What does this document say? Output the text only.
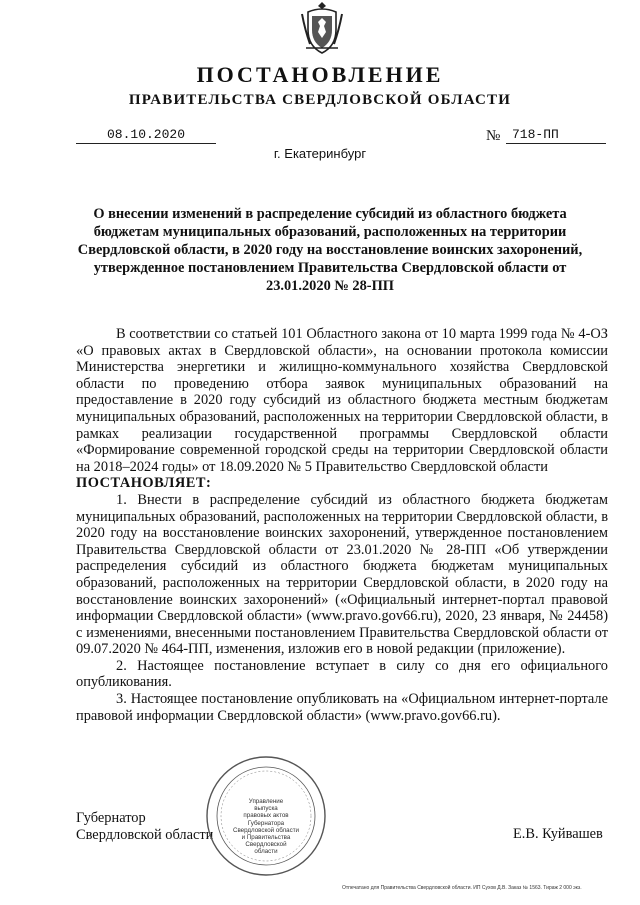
ПОСТАНОВЛЕНИЕ
ПРАВИТЕЛЬСТВА СВЕРДЛОВСКОЙ ОБЛАСТИ
08.10.2020	№ 718-ПП
г. Екатеринбург
О внесении изменений в распределение субсидий из областного бюджета бюджетам муниципальных образований, расположенных на территории Свердловской области, в 2020 году на восстановление воинских захоронений, утвержденное постановлением Правительства Свердловской области от 23.01.2020 № 28-ПП

В соответствии со статьей 101 Областного закона от 10 марта 1999 года № 4-ОЗ «О правовых актах в Свердловской области», на основании протокола комиссии Министерства энергетики и жилищно-коммунального хозяйства Свердловской области по проведению отбора заявок муниципальных образований на предоставление в 2020 году субсидий из областного бюджета местным бюджетам муниципальных образований, расположенных на территории Свердловской области, в рамках реализации государственной программы Свердловской области «Формирование современной городской среды на территории Свердловской области на 2018–2024 годы» от 18.09.2020 № 5 Правительство Свердловской области

ПОСТАНОВЛЯЕТ:

1. Внести в распределение субсидий из областного бюджета бюджетам муниципальных образований, расположенных на территории Свердловской области, в 2020 году на восстановление воинских захоронений, утвержденное постановлением Правительства Свердловской области от 23.01.2020 № 28-ПП «Об утверждении распределения субсидий из областного бюджета бюджетам муниципальных образований, расположенных на территории Свердловской области, в 2020 году на восстановление воинских захоронений» («Официальный интернет-портал правовой информации Свердловской области» (www.pravo.gov66.ru), 2020, 23 января, № 24458) с изменениями, внесенными постановлением Правительства Свердловской области от 09.07.2020 № 464-ПП, изменения, изложив его в новой редакции (приложение).

2. Настоящее постановление вступает в силу со дня его официального опубликования.

3. Настоящее постановление опубликовать на «Официальном интернет-портале правовой информации Свердловской области» (www.pravo.gov66.ru).

Губернатор
Свердловской области	Е.В. Куйвашев
Управление
выпуска
правовых актов
Губернатора
Свердловской области
и Правительства
Свердловской
области
Отпечатано для Правительства Свердловской области. ИП Сухов Д.В. Заказ № 1563. Тираж 2 000 экз.
